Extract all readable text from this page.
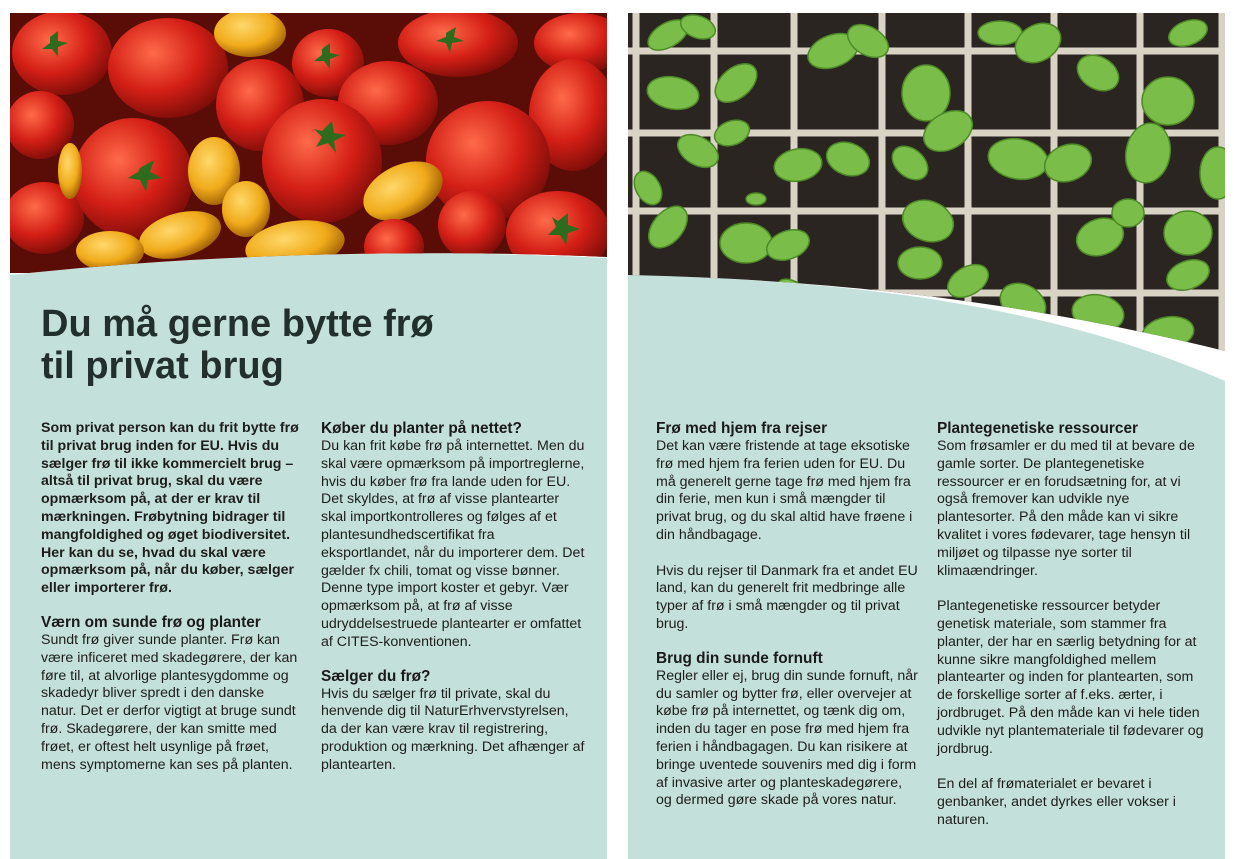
Du må gerne bytte frø
til privat brug

Som privat person kan du frit bytte frø til privat brug inden for EU. Hvis du sælger frø til ikke kommercielt brug – altså til privat brug, skal du være opmærksom på, at der er krav til mærkningen. Frøbytning bidrager til mangfoldighed og øget biodiversitet. Her kan du se, hvad du skal være opmærksom på, når du køber, sælger eller importerer frø.

Værn om sunde frø og planter

Sundt frø giver sunde planter. Frø kan være inficeret med skadegørere, der kan føre til, at alvorlige plantesygdomme og skadedyr bliver spredt i den danske natur. Det er derfor vigtigt at bruge sundt frø. Skadegørere, der kan smitte med frøet, er oftest helt usynlige på frøet, mens symptomerne kan ses på planten.

Køber du planter på nettet?

Du kan frit købe frø på internettet. Men du skal være opmærksom på importreglerne, hvis du køber frø fra lande uden for EU. Det skyldes, at frø af visse plantearter skal importkontrolleres og følges af et plantesundhedscertifikat fra eksportlandet, når du importerer dem. Det gælder fx chili, tomat og visse bønner. Denne type import koster et gebyr. Vær opmærksom på, at frø af visse udryddelsestruede plantearter er omfattet af CITES-konventionen.

Sælger du frø?

Hvis du sælger frø til private, skal du henvende dig til NaturErhvervstyrelsen, da der kan være krav til registrering, produktion og mærkning. Det afhænger af plantearten.

Frø med hjem fra rejser

Det kan være fristende at tage eksotiske frø med hjem fra ferien uden for EU. Du må generelt gerne tage frø med hjem fra din ferie, men kun i små mængder til privat brug, og du skal altid have frøene i din håndbagage.

Hvis du rejser til Danmark fra et andet EU land, kan du generelt frit medbringe alle typer af frø i små mængder og til privat brug.

Brug din sunde fornuft

Regler eller ej, brug din sunde fornuft, når du samler og bytter frø, eller overvejer at købe frø på internettet, og tænk dig om, inden du tager en pose frø med hjem fra ferien i håndbagagen. Du kan risikere at bringe uventede souvenirs med dig i form af invasive arter og planteskadegørere, og dermed gøre skade på vores natur.

Plantegenetiske ressourcer

Som frøsamler er du med til at bevare de gamle sorter. De plantegenetiske ressourcer er en forudsætning for, at vi også fremover kan udvikle nye plantesorter. På den måde kan vi sikre kvalitet i vores fødevarer, tage hensyn til miljøet og tilpasse nye sorter til klimaændringer.

Plantegenetiske ressourcer betyder genetisk materiale, som stammer fra planter, der har en særlig betydning for at kunne sikre mangfoldighed mellem plantearter og inden for plantearten, som de forskellige sorter af f.eks. ærter, i jordbruget. På den måde kan vi hele tiden udvikle nyt plantemateriale til fødevarer og jordbrug.

En del af frømaterialet er bevaret i genbanker, andet dyrkes eller vokser i naturen.
